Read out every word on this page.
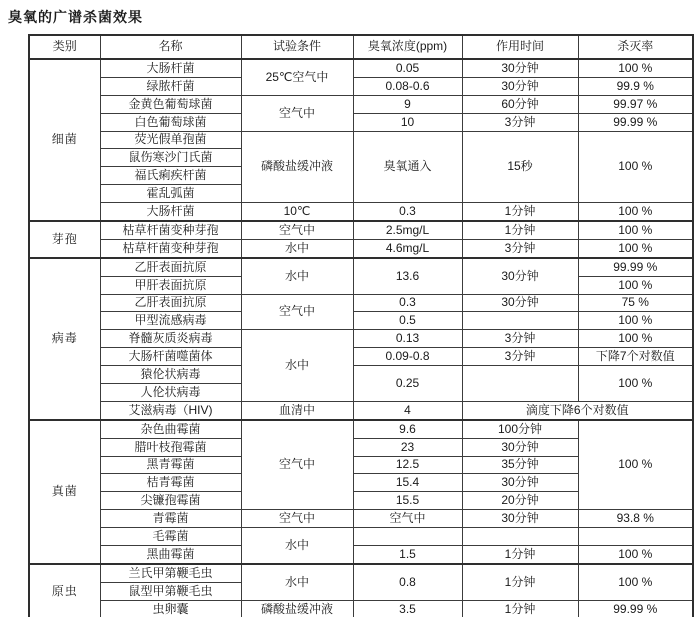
臭氧的广谱杀菌效果
类别	名称	试验条件	臭氧浓度(ppm)	作用时间	杀灭率
细菌	大肠杆菌	25℃空气中	0.05	30分钟	100 %
	绿脓杆菌		0.08-0.6	30分钟	99.9 %
	金黄色葡萄球菌	空气中	9	60分钟	99.97 %
	白色葡萄球菌		10	3分钟	99.99 %
	荧光假单孢菌	磷酸盐缓冲液	臭氧通入	15秒	100 %
	鼠伤寒沙门氏菌				
	福氏痢疾杆菌				
	霍乱弧菌				
	大肠杆菌	10℃	0.3	1分钟	100 %
芽孢	枯草杆菌变种芽孢	空气中	2.5mg/L	1分钟	100 %
	枯草杆菌变种芽孢	水中	4.6mg/L	3分钟	100 %
病毒	乙肝表面抗原	水中	13.6	30分钟	99.99 %
	甲肝表面抗原				100 %
	乙肝表面抗原	空气中	0.3	30分钟	75 %
	甲型流感病毒		0.5		100 %
	脊髓灰质炎病毒	水中	0.13	3分钟	100 %
	大肠杆菌噬菌体		0.09-0.8	3分钟	下降7个对数值
	猿伦状病毒		0.25		100 %
	人伦状病毒				
	艾滋病毒（HIV)	血清中	4	滴度下降6个对数值	
真菌	杂色曲霉菌	空气中	9.6	100分钟	100 %
	腊叶枝孢霉菌		23	30分钟	
	黑青霉菌		12.5	35分钟	
	桔青霉菌		15.4	30分钟	
	尖镰孢霉菌		15.5	20分钟	
	青霉菌	空气中	空气中	30分钟	93.8 %
	毛霉菌	水中			
	黑曲霉菌		1.5	1分钟	100 %
原虫	兰氏甲第鞭毛虫	水中	0.8	1分钟	100 %
	鼠型甲第鞭毛虫				
	虫卵囊	磷酸盐缓冲液	3.5	1分钟	99.99 %
